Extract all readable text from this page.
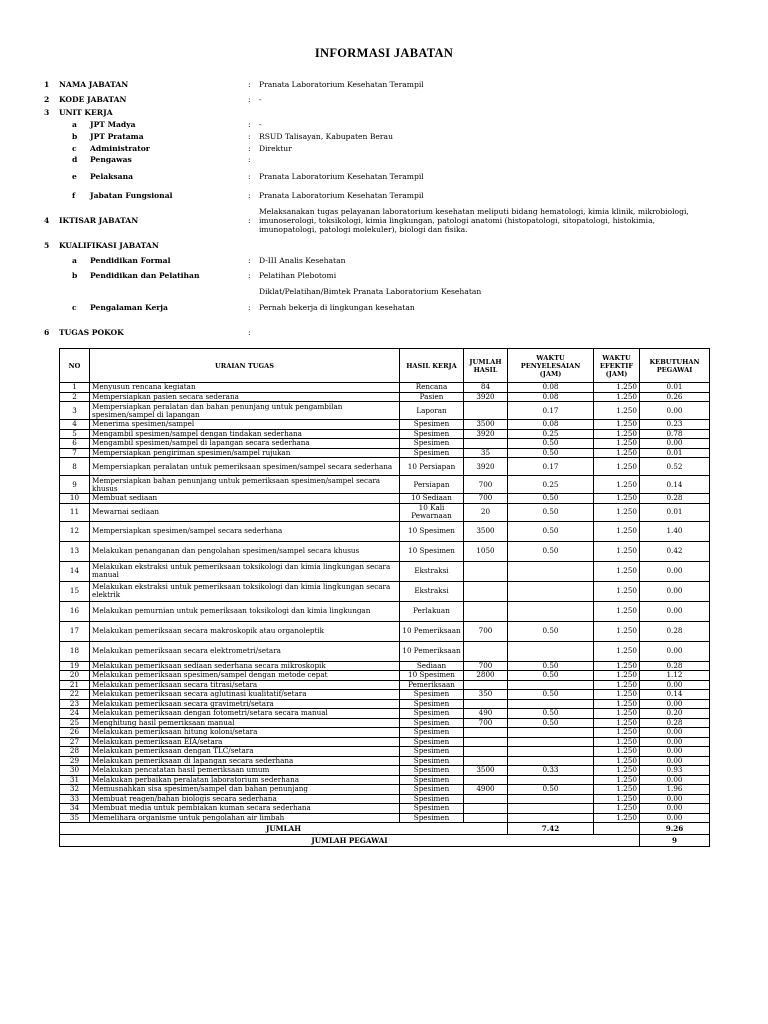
INFORMASI JABATAN
1	NAMA JABATAN	: Pranata Laboratorium Kesehatan Terampil
2	KODE JABATAN	: -
3	UNIT KERJA
a JPT Madya	: -
b JPT Pratama	: RSUD Talisayan, Kabupaten Berau
c Administrator	: Direktur
d Pengawas	:
e Pelaksana	: Pranata Laboratorium Kesehatan Terampil
f Jabatan Fungsional	: Pranata Laboratorium Kesehatan Terampil
4	IKTISAR JABATAN	:
Melaksanakan tugas pelayanan laboratorium kesehatan meliputi bidang hematologi, kimia klinik, mikrobiologi, imunoserologi, toksikologi, kimia lingkungan, patologi anatomi (histopatologi, sitopatologi, histokimia, imunopatologi, patologi molekuler), biologi dan fisika.
5	KUALIFIKASI JABATAN
a Pendidikan Formal	: D-III Analis Kesehatan
b Pendidikan dan Pelatihan	: Pelatihan Plebotomi
Diklat/Pelatihan/Bimtek Pranata Laboratorium Kesehatan
c Pengalaman Kerja	: Pernah bekerja di lingkungan kesehatan
6	TUGAS POKOK	:
NO	URAIAN TUGAS	HASIL KERJA	JUMLAH HASIL	WAKTU PENYELESAIAN (JAM)	WAKTU EFEKTIF (JAM)	KEBUTUHAN PEGAWAI
1	Menyusun rencana kegiatan	Rencana	84	0.08	1.250	0.01
2	Mempersiapkan pasien secara sederana	Pasien	3920	0.08	1.250	0.26
3	Mempersiapkan peralatan dan bahan penunjang untuk pengambilan spesimen/sampel di lapangan	Laporan		0.17	1.250	0.00
4	Menerima spesimen/sampel	Spesimen	3500	0.08	1.250	0.23
5	Mengambil spesimen/sampel dengan tindakan sederhana	Spesimen	3920	0.25	1.250	0.78
6	Mengambil spesimen/sampel di lapangan secara sederhana	Spesimen		0.50	1.250	0.00
7	Mempersiapkan pengiriman spesimen/sampel rujukan	Spesimen	35	0.50	1.250	0.01
8	Mempersiapkan peralatan untuk pemeriksaan spesimen/sampel secara sederhana	10 Persiapan	3920	0.17	1.250	0.52
9	Mempersiapkan bahan penunjang untuk pemeriksaan spesimen/sampel secara khusus	Persiapan	700	0.25	1.250	0.14
10	Membuat sediaan	10 Sediaan	700	0.50	1.250	0.28
11	Mewarnai sediaan	10 Kali Pewarnaan	20	0.50	1.250	0.01
12	Mempersiapkan spesimen/sampel secara sederhana	10 Spesimen	3500	0.50	1.250	1.40
13	Melakukan penanganan dan pengolahan spesimen/sampel secara khusus	10 Spesimen	1050	0.50	1.250	0.42
14	Melakukan ekstraksi untuk pemeriksaan toksikologi dan kimia lingkungan secara manual	Ekstraksi			1.250	0.00
15	Melakukan ekstraksi untuk pemeriksaan toksikologi dan kimia lingkungan secara elektrik	Ekstraksi			1.250	0.00
16	Melakukan pemurnian untuk pemeriksaan toksikologi dan kimia lingkungan	Perlakuan			1.250	0.00
17	Melakukan pemeriksaan secara makroskopik atau organoleptik	10 Pemeriksaan	700	0.50	1.250	0.28
18	Melakukan pemeriksaan secara elektrometri/setara	10 Pemeriksaan			1.250	0.00
19	Melakukan pemeriksaan sediaan sederhana secara mikroskopik	Sediaan	700	0.50	1.250	0.28
20	Melakukan pemeriksaan spesimen/sampel dengan metode cepat	10 Spesimen	2800	0.50	1.250	1.12
21	Melakukan pemeriksaan secara titrasi/setara	Pemeriksaan			1.250	0.00
22	Melakukan pemeriksaan secara aglutinasi kualitatif/setara	Spesimen	350	0.50	1.250	0.14
23	Melakukan pemeriksaan secara gravimetri/setara	Spesimen			1.250	0.00
24	Melakukan pemeriksaan dengan fotometri/setara secara manual	Spesimen	490	0.50	1.250	0.20
25	Menghitung hasil pemeriksaan manual	Spesimen	700	0.50	1.250	0.28
26	Melakukan pemeriksaan hitung koloni/setara	Spesimen			1.250	0.00
27	Melakukan pemeriksaan EIA/setara	Spesimen			1.250	0.00
28	Melakukan pemeriksaan dengan TLC/setara	Spesimen			1.250	0.00
29	Melakukan pemeriksaan di lapangan secara sederhana	Spesimen			1.250	0.00
30	Melakukan pencatatan hasil pemeriksaan umum	Spesimen	3500	0.33	1.250	0.93
31	Melakukan perbaikan peralatan laboratorium sederhana	Spesimen			1.250	0.00
32	Memusnahkan sisa spesimen/sampel dan bahan penunjang	Spesimen	4900	0.50	1.250	1.96
33	Membuat reagen/bahan biologis secara sederhana	Spesimen			1.250	0.00
34	Membuat media untuk pembiakan kuman secara sederhana	Spesimen			1.250	0.00
35	Memelihara organisme untuk pengolahan air limbah	Spesimen			1.250	0.00
JUMLAH				7.42		9.26
JUMLAH PEGAWAI						9
